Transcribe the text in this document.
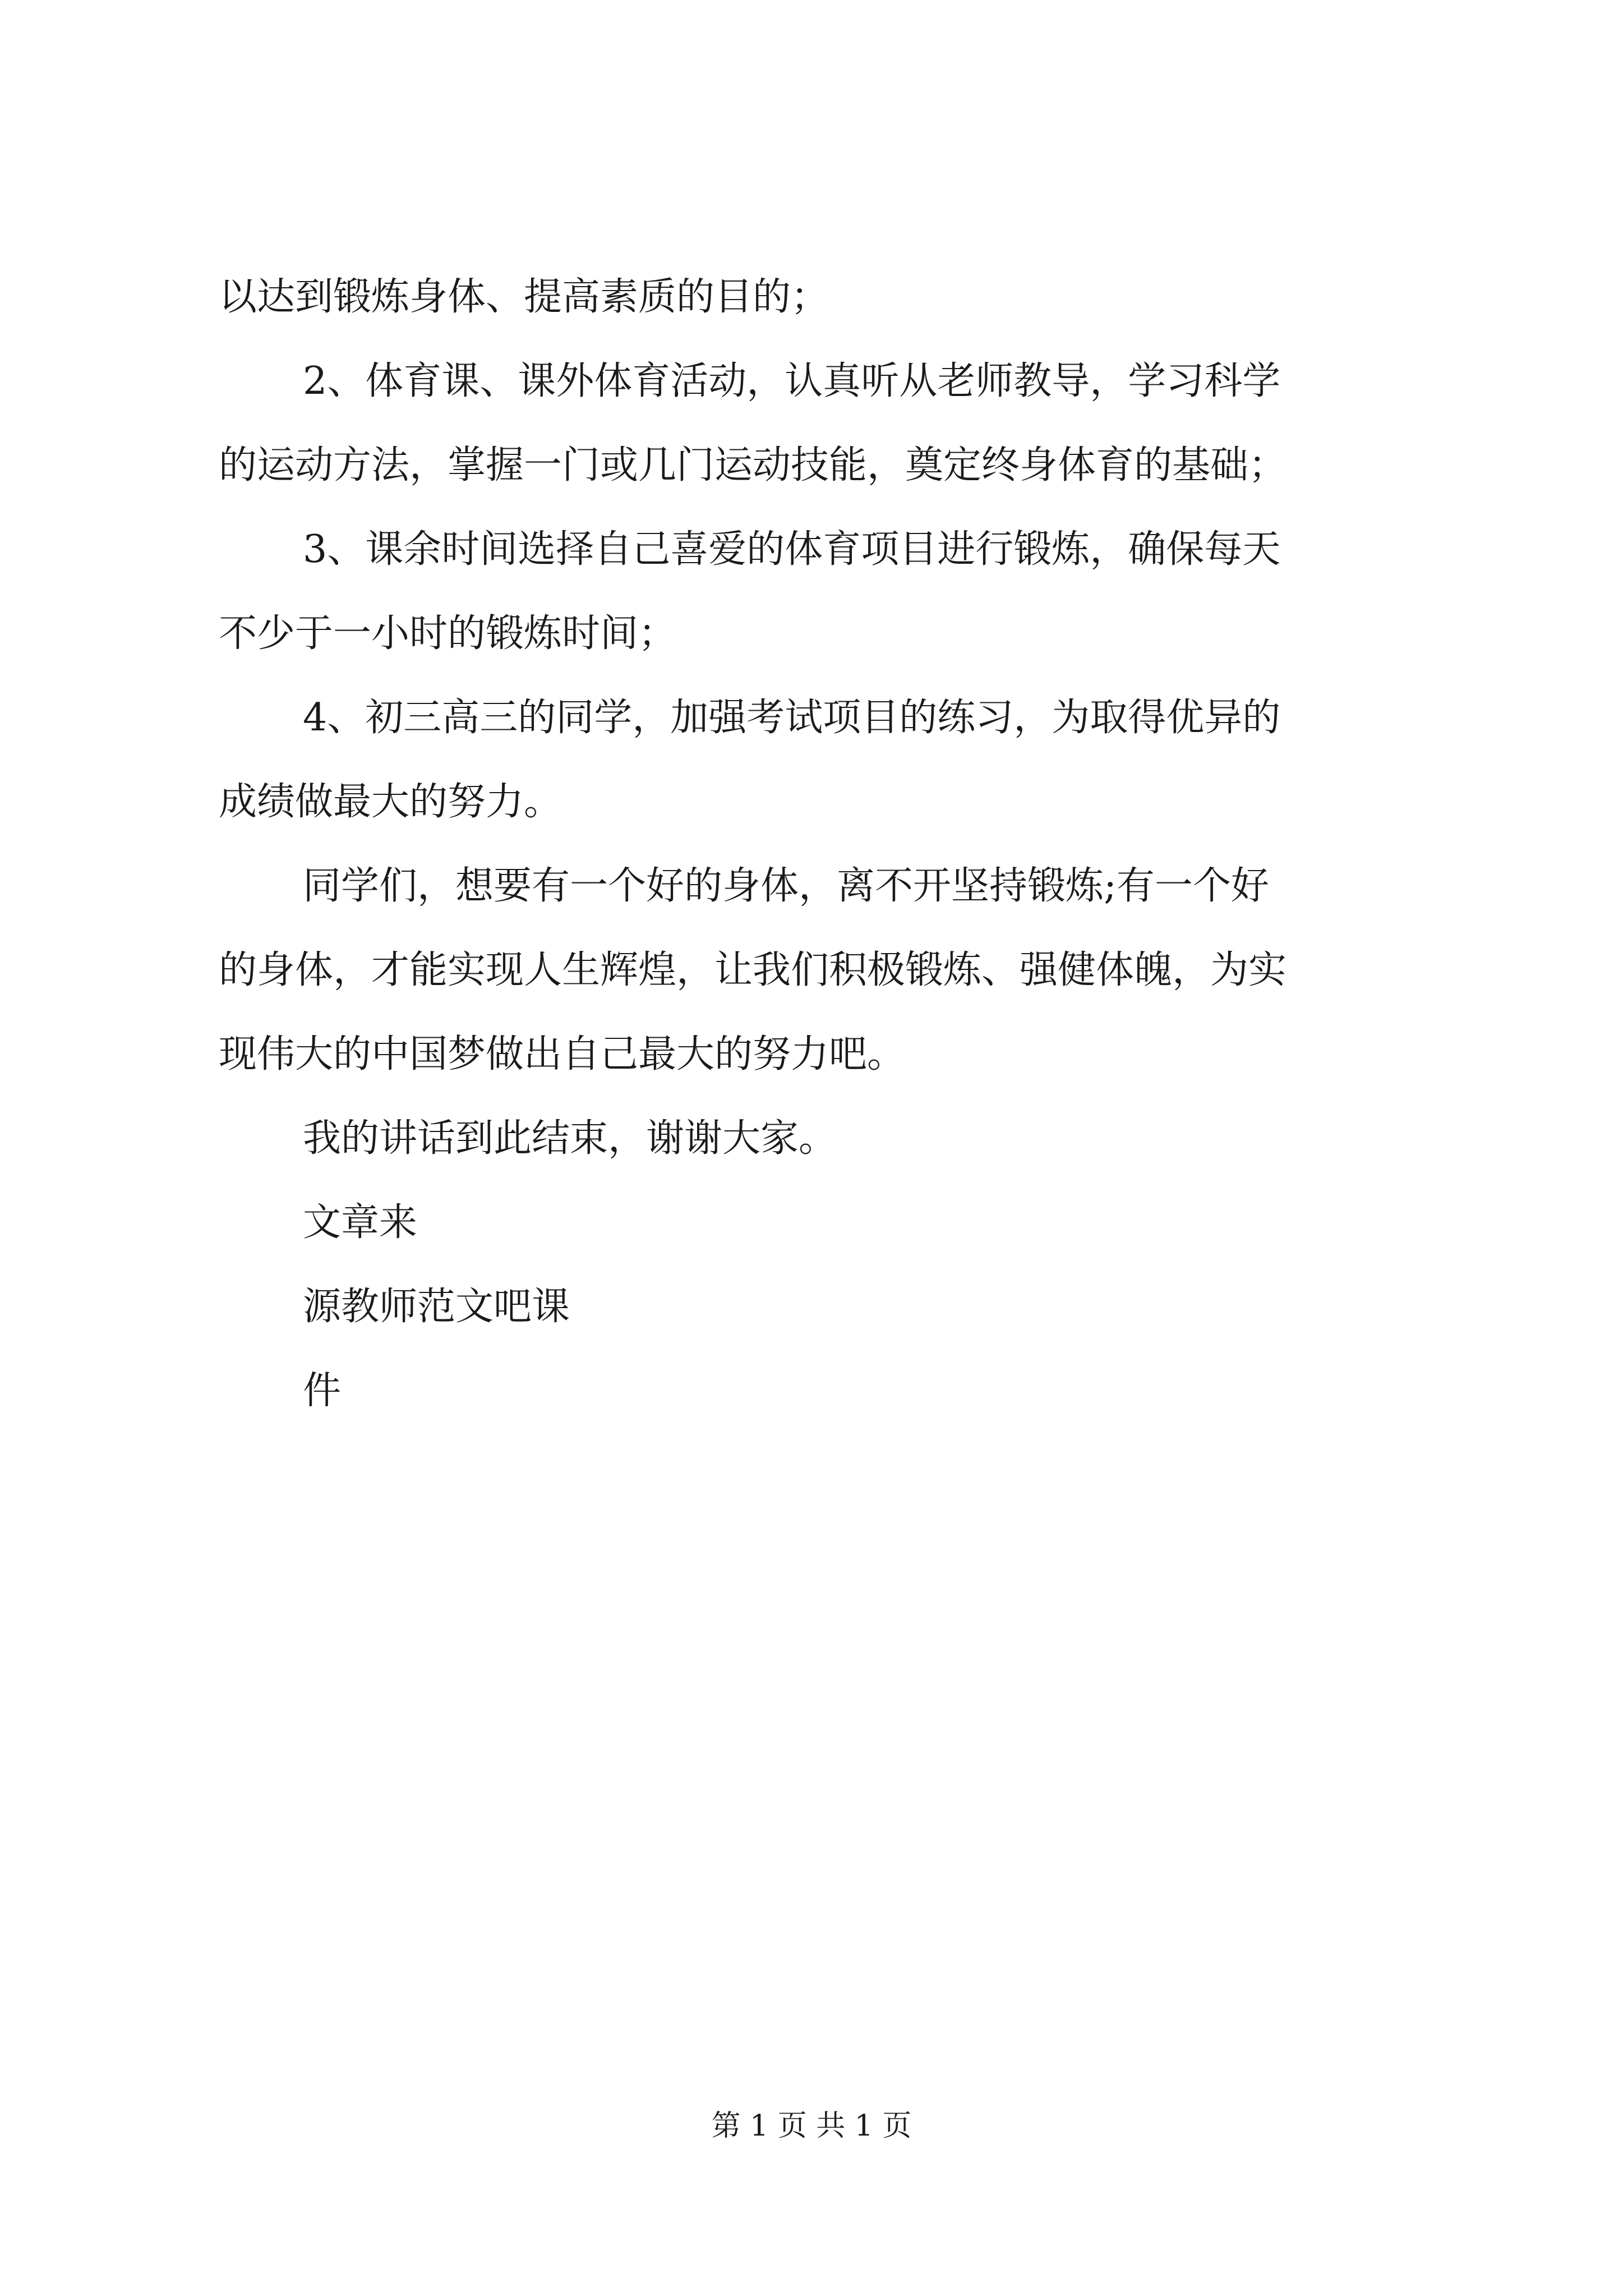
以达到锻炼身体、提高素质的目的；
2、体育课、课外体育活动，认真听从老师教导，学习科学
的运动方法，掌握一门或几门运动技能，奠定终身体育的基础；
3、课余时间选择自己喜爱的体育项目进行锻炼，确保每天
不少于一小时的锻炼时间；
4、初三高三的同学，加强考试项目的练习，为取得优异的
成绩做最大的努力。
同学们，想要有一个好的身体，离不开坚持锻炼;有一个好
的身体，才能实现人生辉煌，让我们积极锻炼、强健体魄，为实
现伟大的中国梦做出自己最大的努力吧。
我的讲话到此结束，谢谢大家。
文章来
源教师范文吧课
件
第 1 页 共 1 页
